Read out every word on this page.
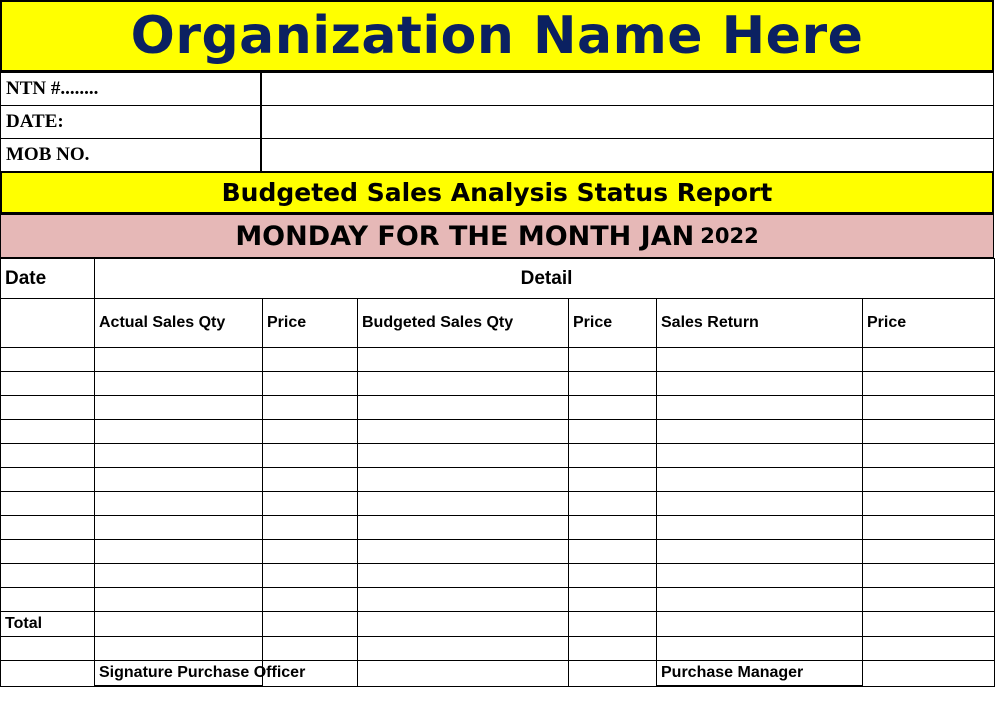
Organization Name Here
NTN #........
DATE:
MOB NO.
Budgeted Sales Analysis Status Report
MONDAY FOR THE MONTH JAN 2022
Date	Detail					
	Actual Sales Qty	Price	Budgeted Sales Qty	Price	Sales Return	Price

Total						

	Signature Purchase Officer				Purchase Manager	
